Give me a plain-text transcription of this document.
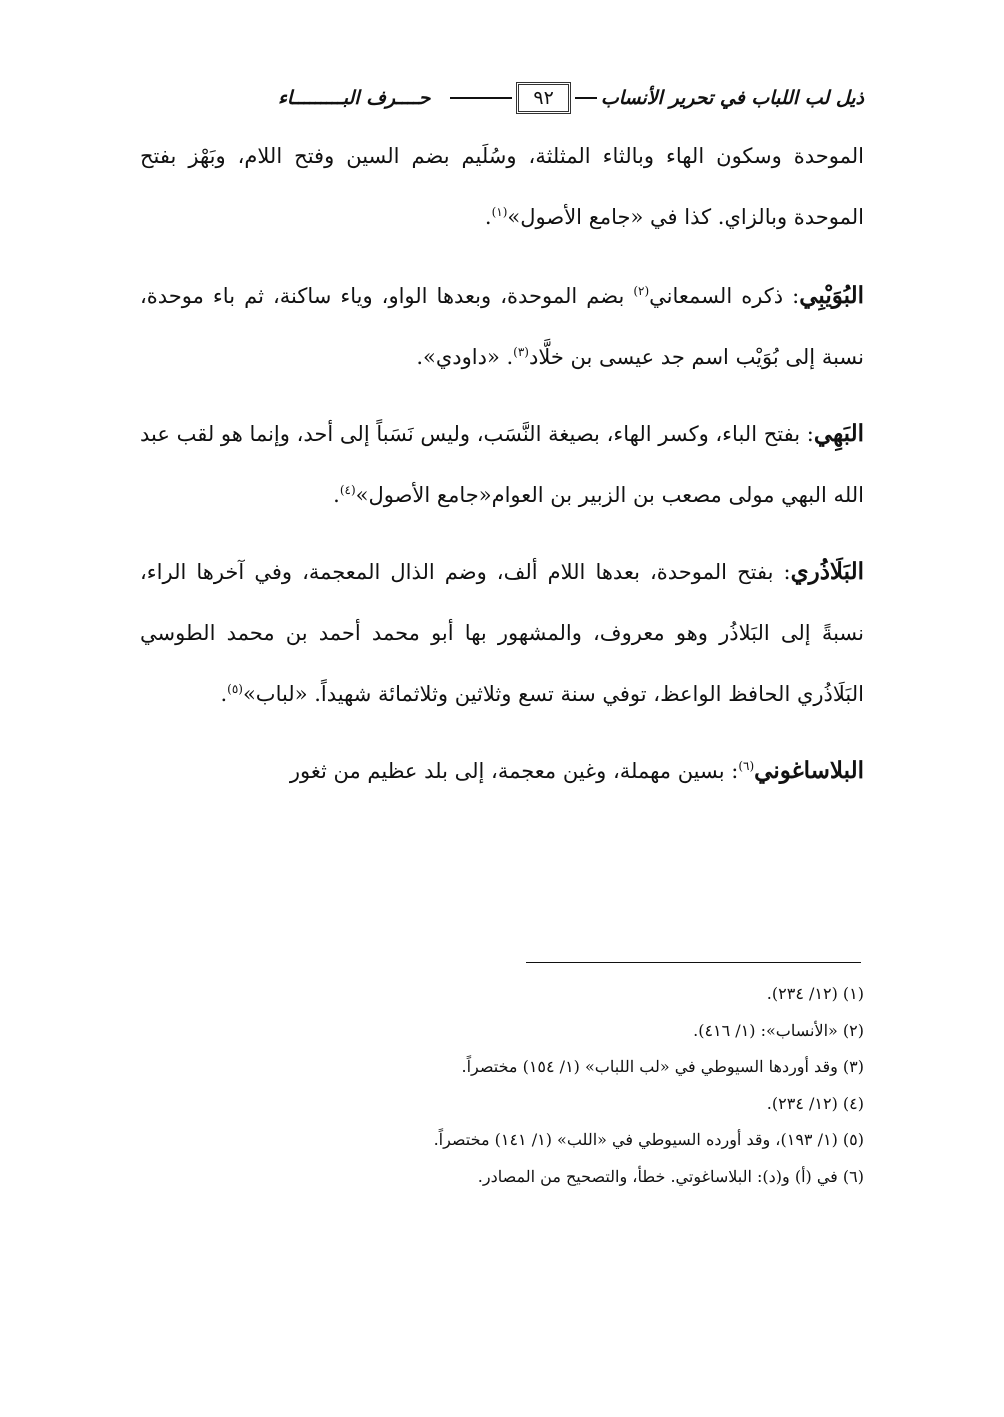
ذيل لب اللباب في تحرير الأنساب
٩٢
حــــرف البـــــــــاء

الموحدة وسكون الهاء وبالثاء المثلثة، وسُلَيم بضم السين وفتح اللام، وبَهْز بفتح الموحدة وبالزاي. كذا في «جامع الأصول»$^{(١)}$.

البُوَيْبِي: ذكره السمعاني$^{(٢)}$ بضم الموحدة، وبعدها الواو، وياء ساكنة، ثم باء موحدة، نسبة إلى بُوَيْب اسم جد عيسى بن خلَّاد$^{(٣)}$. «داودي».

البَهِي: بفتح الباء، وكسر الهاء، بصيغة النَّسَب، وليس نَسَباً إلى أحد، وإنما هو لقب عبد الله البهي مولى مصعب بن الزبير بن العوام«جامع الأصول»$^{(٤)}$.

البَلَاذُري: بفتح الموحدة، بعدها اللام ألف، وضم الذال المعجمة، وفي آخرها الراء، نسبةً إلى البَلاذُر وهو معروف، والمشهور بها أبو محمد أحمد بن محمد الطوسي البَلَاذُري الحافظ الواعظ، توفي سنة تسع وثلاثين وثلاثمائة شهيداً. «لباب»$^{(٥)}$.

البلاساغوني$^{(٦)}$: بسين مهملة، وغين معجمة، إلى بلد عظيم من ثغور

(١) (١٢/ ٢٣٤).
(٢) «الأنساب»: (١/ ٤١٦).
(٣) وقد أوردها السيوطي في «لب اللباب» (١/ ١٥٤) مختصراً.
(٤) (١٢/ ٢٣٤).
(٥) (١/ ١٩٣)، وقد أورده السيوطي في «اللب» (١/ ١٤١) مختصراً.
(٦) في (أ) و(د): البلاساغوتي. خطأ، والتصحيح من المصادر.
